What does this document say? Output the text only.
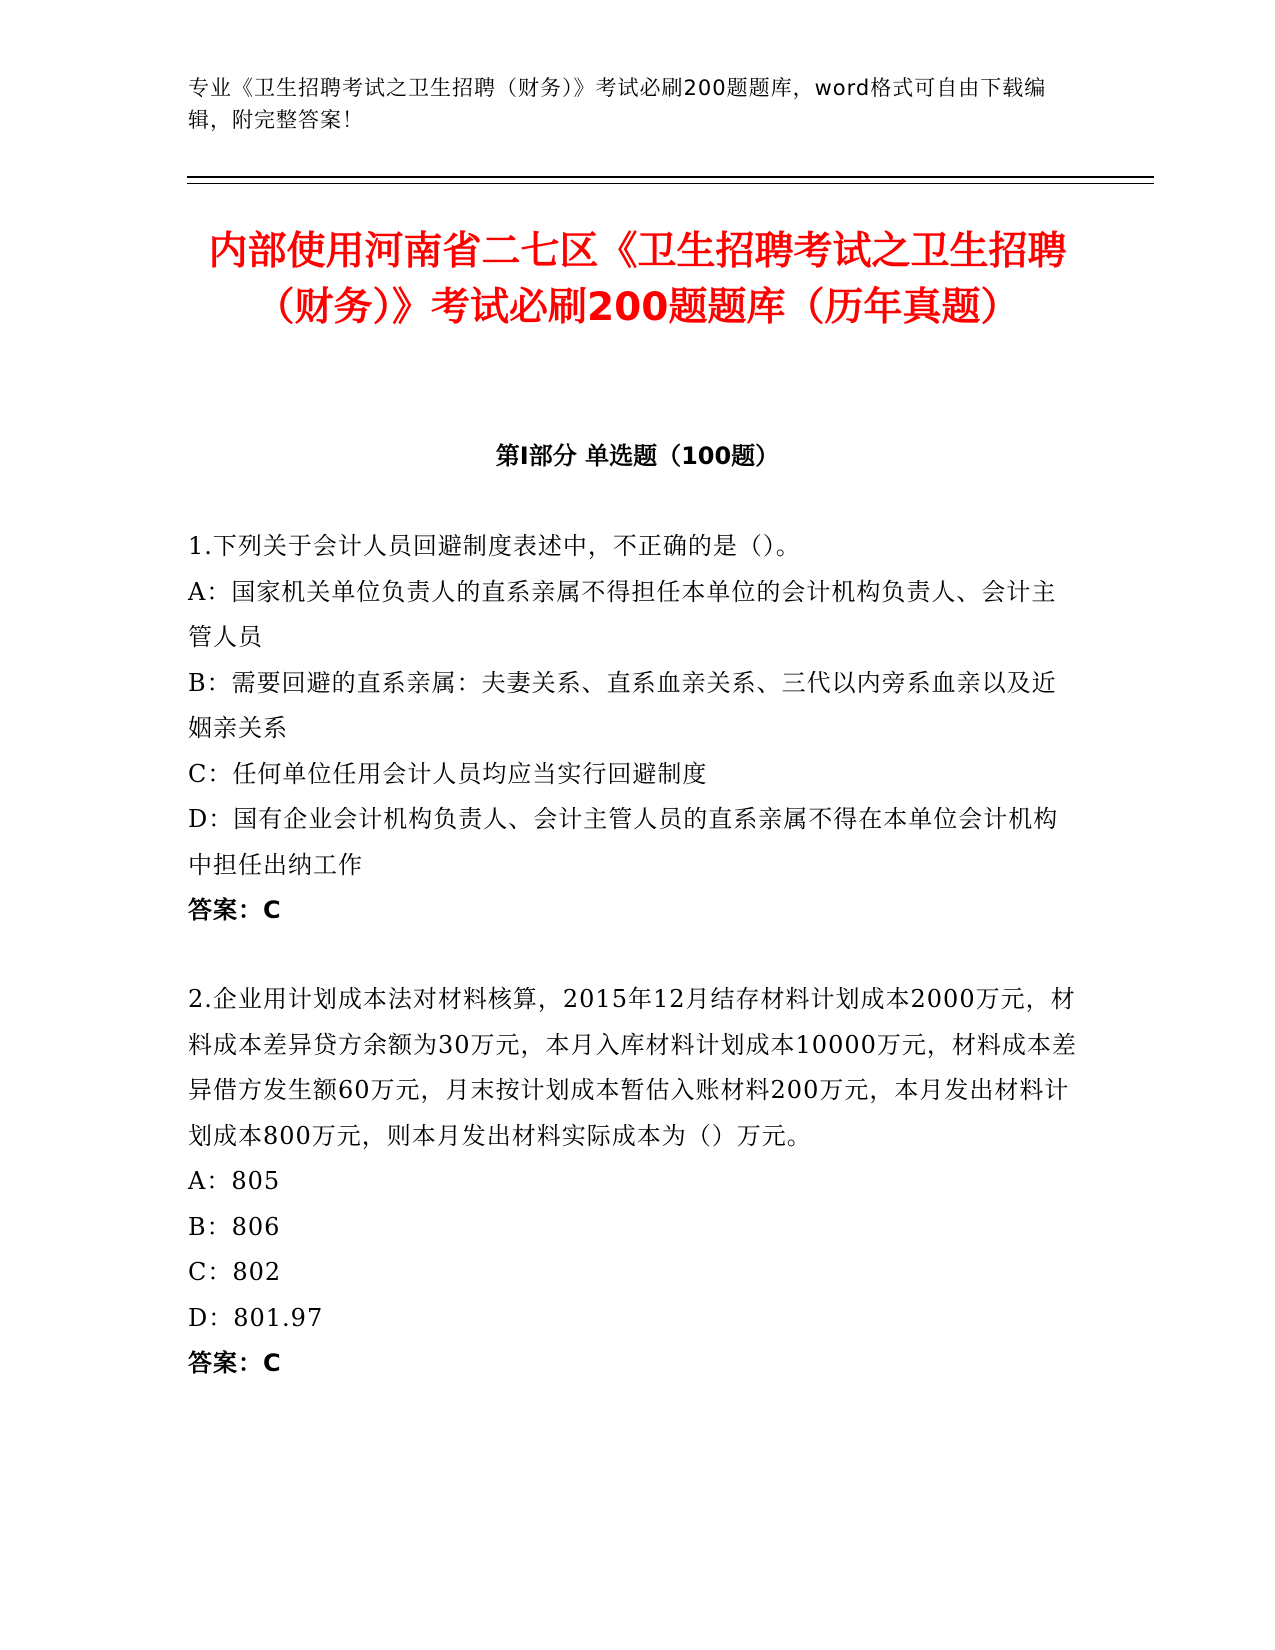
专业《卫生招聘考试之卫生招聘（财务）》考试必刷200题题库，word格式可自由下载编辑，附完整答案！
内部使用河南省二七区《卫生招聘考试之卫生招聘（财务）》考试必刷200题题库（历年真题）
第Ⅰ部分 单选题（100题）

1.下列关于会计人员回避制度表述中，不正确的是（）。

A：国家机关单位负责人的直系亲属不得担任本单位的会计机构负责人、会计主管人员

B：需要回避的直系亲属：夫妻关系、直系血亲关系、三代以内旁系血亲以及近姻亲关系

C：任何单位任用会计人员均应当实行回避制度

D：国有企业会计机构负责人、会计主管人员的直系亲属不得在本单位会计机构中担任出纳工作

答案：C

2.企业用计划成本法对材料核算，2015年12月结存材料计划成本2000万元，材料成本差异贷方余额为30万元，本月入库材料计划成本10000万元，材料成本差异借方发生额60万元，月末按计划成本暂估入账材料200万元，本月发出材料计划成本800万元，则本月发出材料实际成本为（）万元。

A：805

B：806

C：802

D：801.97

答案：C
